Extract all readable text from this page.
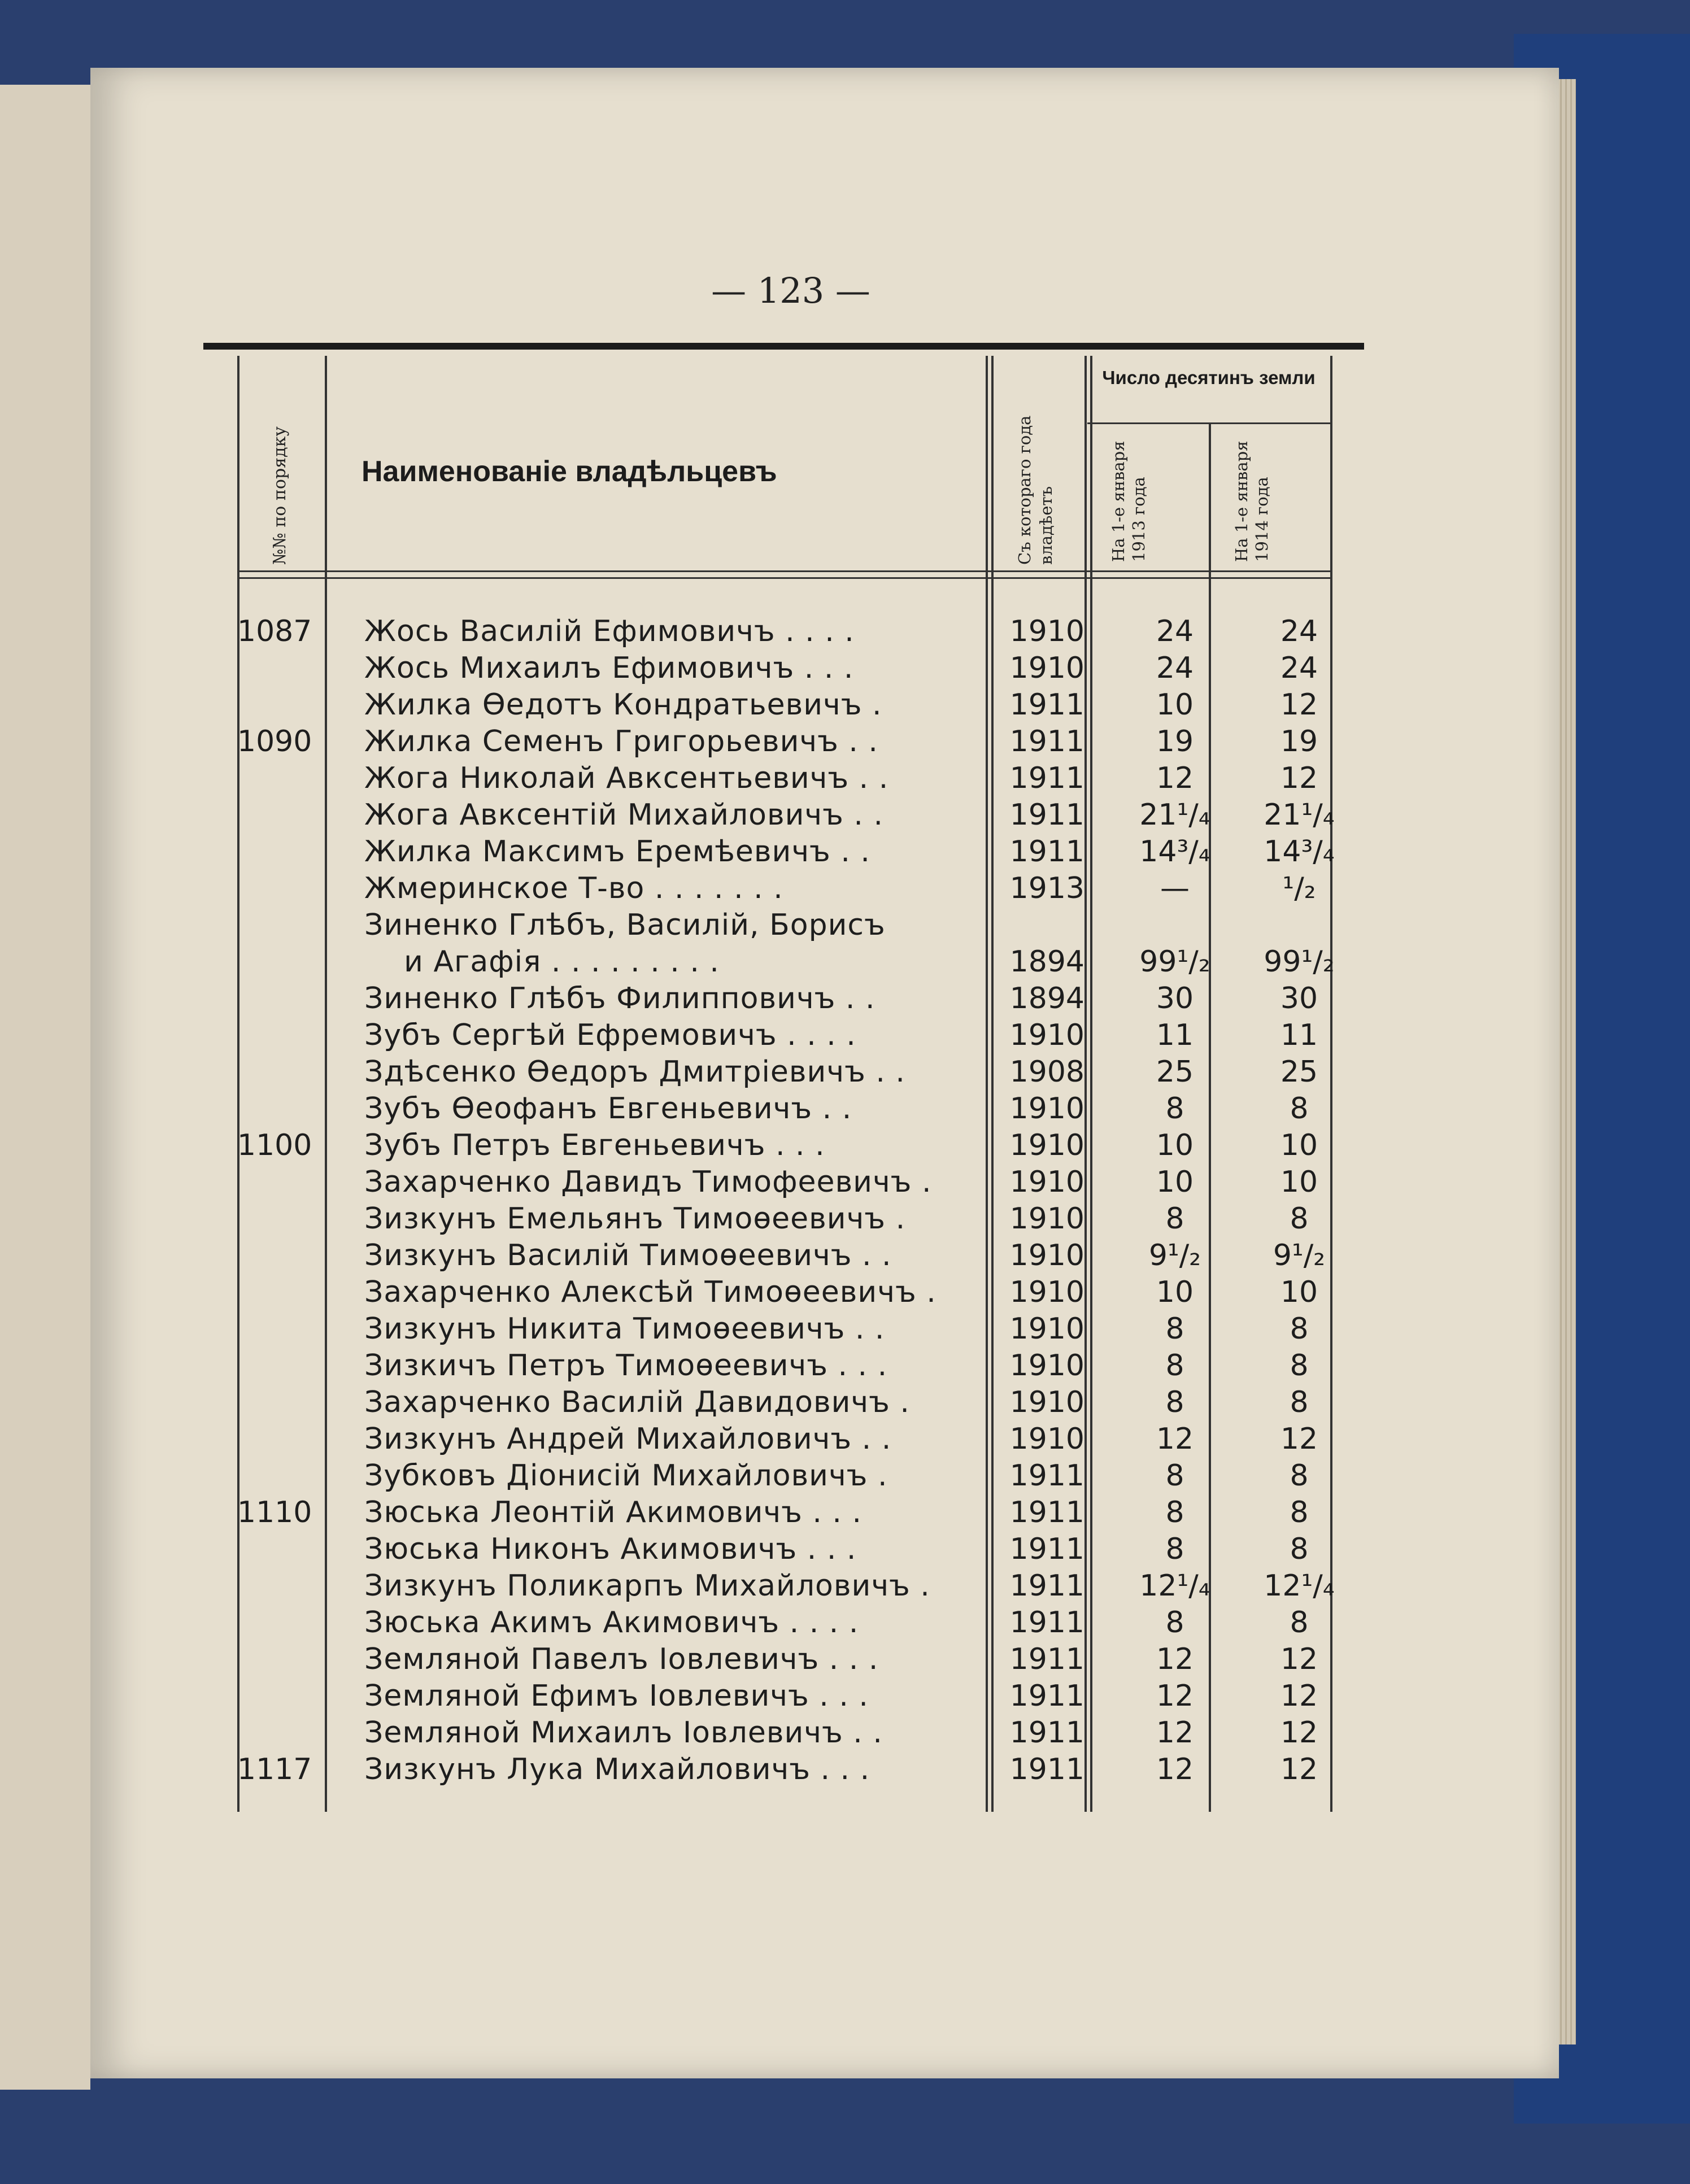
— 123 —
№№ по порядку Наименованіе владѣльцевъ	Съ котораго года владѣетъ
Число десятинъ земли
На 1-е января 1913 года	На 1-е января 1914 года
1087	Жось Василій Ефимовичъ . . . .	1910	24	24
Жось Михаилъ Ефимовичъ . . .	1910	24	24
Жилка Ѳедотъ Кондратьевичъ .	1911	10	12
1090	Жилка Семенъ Григорьевичъ . .	1911	19	19
Жога Николай Авксентьевичъ . .	1911	12	12
Жога Авксентій Михайловичъ . .	1911	21¹/₄	21¹/₄
Жилка Максимъ Еремѣевичъ . .	1911	14³/₄	14³/₄
Жмеринское Т-во . . . . . . .	1913	—	¹/₂
Зиненко Глѣбъ, Василій, Борисъ
и Агафія . . . . . . . . .	1894	99¹/₂	99¹/₂
Зиненко Глѣбъ Филипповичъ . .	1894	30	30
Зубъ Сергѣй Ефремовичъ . . . .	1910	11	11
Здѣсенко Ѳедоръ Дмитріевичъ . .	1908	25	25
Зубъ Ѳеофанъ Евгеньевичъ . .	1910	8	8
1100	Зубъ Петръ Евгеньевичъ . . .	1910	10	10
Захарченко Давидъ Тимофеевичъ .	1910	10	10
Зизкунъ Емельянъ Тимоѳеевичъ .	1910	8	8
Зизкунъ Василій Тимоѳеевичъ . .	1910	9¹/₂	9¹/₂
Захарченко Алексѣй Тимоѳеевичъ . 1910	10	10
Зизкунъ Никита Тимоѳеевичъ . .	1910	8	8
Зизкичъ Петръ Тимоѳеевичъ . . .	1910	8	8
Захарченко Василій Давидовичъ .	1910	8	8
Зизкунъ Андрей Михайловичъ . .	1910	12	12
Зубковъ Діонисій Михайловичъ .	1911	8	8
1110	Зюська Леонтій Акимовичъ . . .	1911	8	8
Зюська Никонъ Акимовичъ . . .	1911	8	8
Зизкунъ Поликарпъ Михайловичъ .	1911	12¹/₄	12¹/₄
Зюська Акимъ Акимовичъ . . . .	1911	8	8
Земляной Павелъ Іовлевичъ . . .	1911	12	12
Земляной Ефимъ Іовлевичъ . . .	1911	12	12
Земляной Михаилъ Іовлевичъ . .	1911	12	12
1117	Зизкунъ Лука Михайловичъ . . .	1911	12	12
